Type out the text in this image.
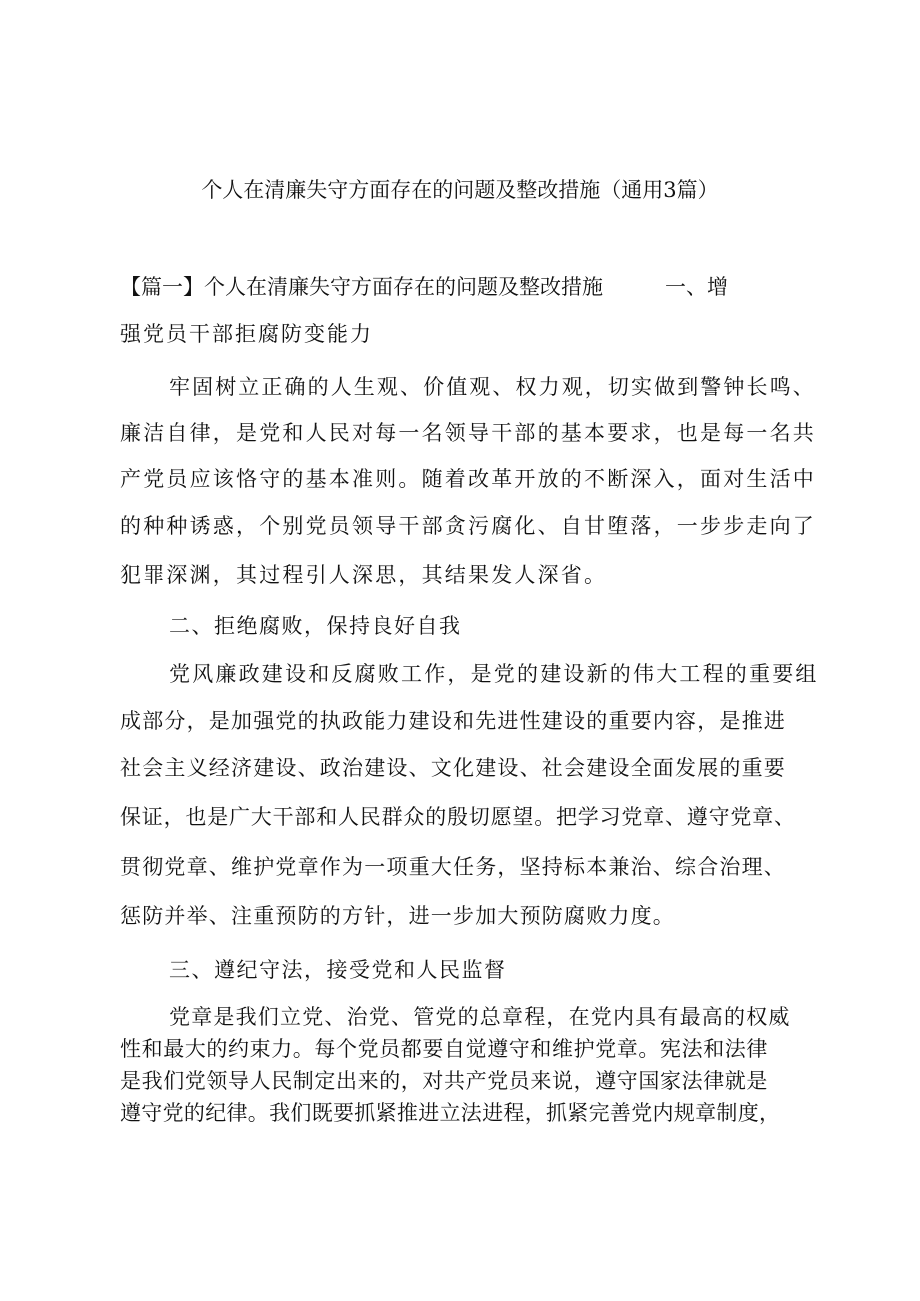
个人在清廉失守方面存在的问题及整改措施（通用3篇）
【篇一】个人在清廉失守方面存在的问题及整改措施	一、增
强党员干部拒腐防变能力
牢固树立正确的人生观、价值观、权力观，切实做到警钟长鸣、
廉洁自律，是党和人民对每一名领导干部的基本要求，也是每一名共
产党员应该恪守的基本准则。随着改革开放的不断深入，面对生活中
的种种诱惑，个别党员领导干部贪污腐化、自甘堕落，一步步走向了
犯罪深渊，其过程引人深思，其结果发人深省。
二、拒绝腐败，保持良好自我
党风廉政建设和反腐败工作，是党的建设新的伟大工程的重要组
成部分，是加强党的执政能力建设和先进性建设的重要内容，是推进
社会主义经济建设、政治建设、文化建设、社会建设全面发展的重要
保证，也是广大干部和人民群众的殷切愿望。把学习党章、遵守党章、
贯彻党章、维护党章作为一项重大任务，坚持标本兼治、综合治理、
惩防并举、注重预防的方针，进一步加大预防腐败力度。
三、遵纪守法，接受党和人民监督
党章是我们立党、治党、管党的总章程，在党内具有最高的权威
性和最大的约束力。每个党员都要自觉遵守和维护党章。宪法和法律
是我们党领导人民制定出来的，对共产党员来说，遵守国家法律就是
遵守党的纪律。我们既要抓紧推进立法进程，抓紧完善党内规章制度，
